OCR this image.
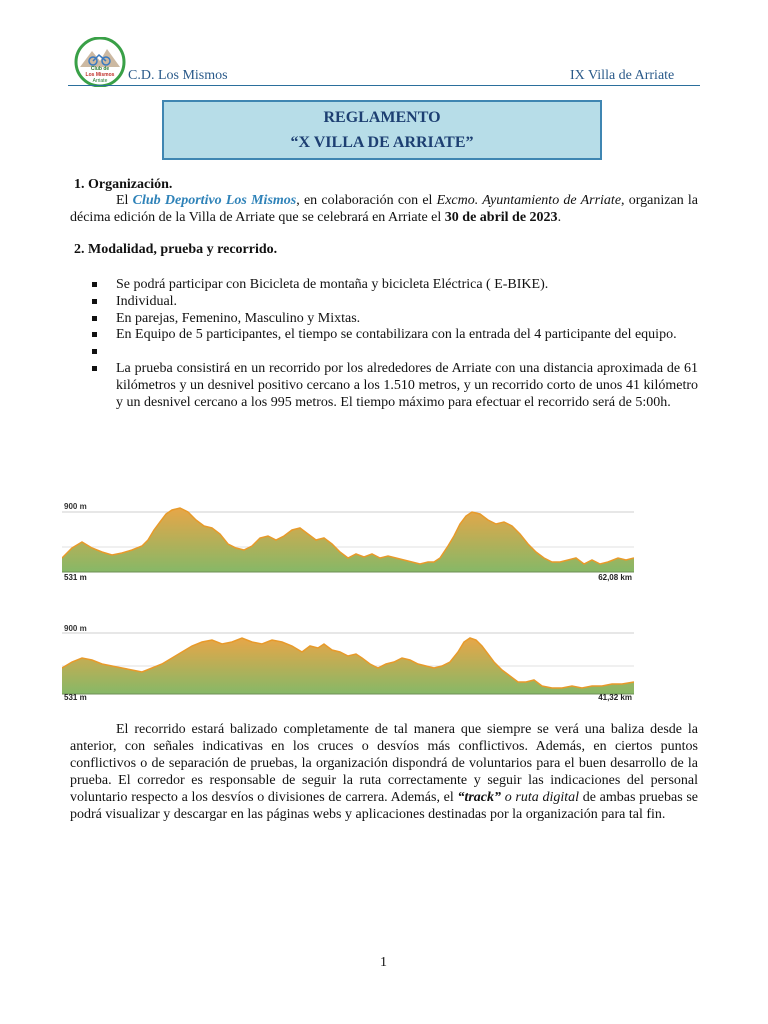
Club de
Los Mismos
Arriate C.D. Los Mismos	IX Villa de Arriate
REGLAMENTO
“X VILLA DE ARRIATE”
1. Organización.

El Club Deportivo Los Mismos, en colaboración con el Excmo. Ayuntamiento de Arriate, organizan la décima edición de la Villa de Arriate que se celebrará en Arriate el 30 de abril de 2023.

2. Modalidad, prueba y recorrido.
Se podrá participar con Bicicleta de montaña y bicicleta Eléctrica ( E-BIKE).
Individual.
En parejas, Femenino, Masculino y Mixtas.
En Equipo de 5 participantes, el tiempo se contabilizara con la entrada del 4 participante del equipo.
La prueba consistirá en un recorrido por los alrededores de Arriate con una distancia aproximada de 61 kilómetros y un desnivel positivo cercano a los 1.510 metros, y un recorrido corto de unos 41 kilómetro y un desnivel cercano a los 995 metros. El tiempo máximo para efectuar el recorrido será de 5:00h.
900 m
531 m	62,08 km
900 m
531 m	41,32 km

El recorrido estará balizado completamente de tal manera que siempre se verá una baliza desde la anterior, con señales indicativas en los cruces o desvíos más conflictivos. Además, en ciertos puntos conflictivos o de separación de pruebas, la organización dispondrá de voluntarios para el buen desarrollo de la prueba. El corredor es responsable de seguir la ruta correctamente y seguir las indicaciones del personal voluntario respecto a los desvíos o divisiones de carrera. Además, el “track” o ruta digital de ambas pruebas se podrá visualizar y descargar en las páginas webs y aplicaciones destinadas por la organización para tal fin.

1
